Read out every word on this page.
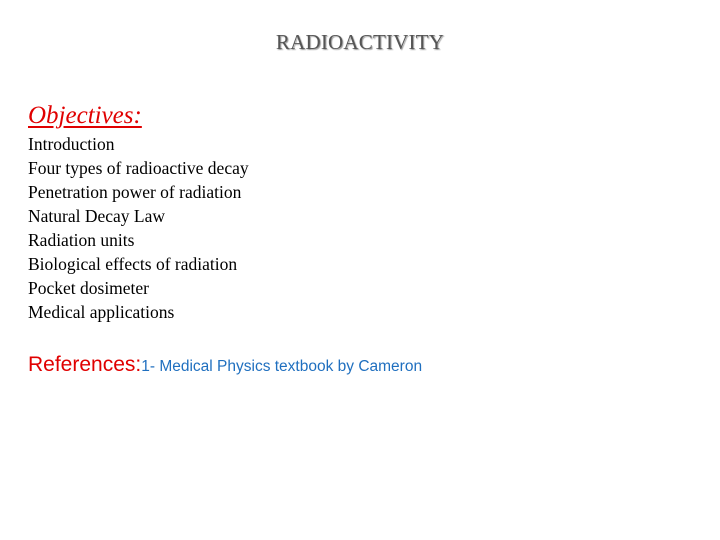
RADIOACTIVITY
Objectives:
Introduction
Four types of radioactive decay
Penetration power of radiation
Natural Decay Law
Radiation units
Biological effects of radiation
Pocket dosimeter
Medical applications
References:1- Medical Physics textbook by Cameron
